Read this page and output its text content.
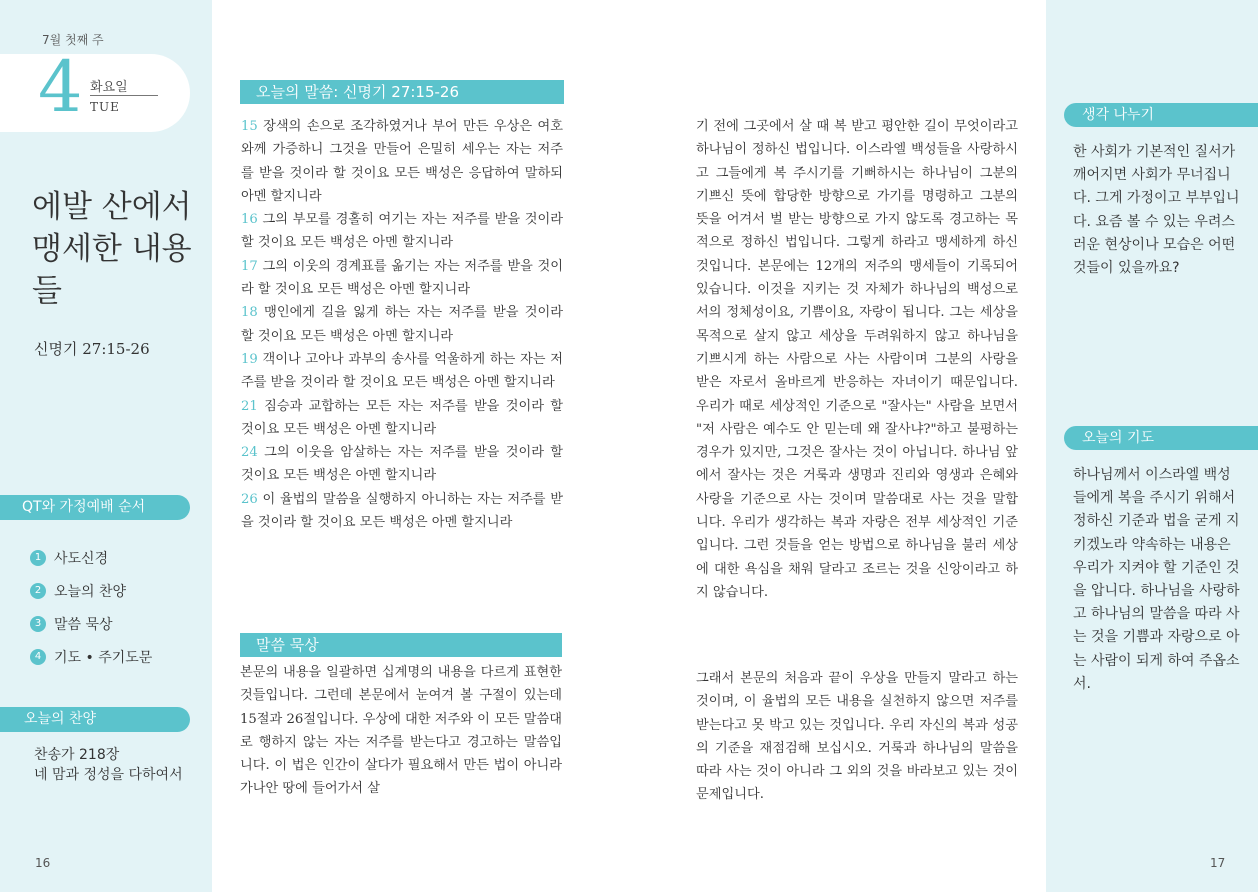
7월 첫째 주
4 화요일
TUE
에발 산에서 맹세한 내용들
신명기 27:15-26
QT와 가정예배 순서
1 사도신경
2 오늘의 찬양
3 말씀 묵상
4 기도 • 주기도문
오늘의 찬양
찬송가 218장
네 맘과 정성을 다하여서
16
오늘의 말씀: 신명기 27:15-26

15 장색의 손으로 조각하였거나 부어 만든 우상은 여호와께 가증하니 그것을 만들어 은밀히 세우는 자는 저주를 받을 것이라 할 것이요 모든 백성은 응답하여 말하되 아멘 할지니라

16 그의 부모를 경홀히 여기는 자는 저주를 받을 것이라 할 것이요 모든 백성은 아멘 할지니라

17 그의 이웃의 경계표를 옮기는 자는 저주를 받을 것이라 할 것이요 모든 백성은 아멘 할지니라

18 맹인에게 길을 잃게 하는 자는 저주를 받을 것이라 할 것이요 모든 백성은 아멘 할지니라

19 객이나 고아나 과부의 송사를 억울하게 하는 자는 저주를 받을 것이라 할 것이요 모든 백성은 아멘 할지니라

21 짐승과 교합하는 모든 자는 저주를 받을 것이라 할 것이요 모든 백성은 아멘 할지니라

24 그의 이웃을 암살하는 자는 저주를 받을 것이라 할 것이요 모든 백성은 아멘 할지니라

26 이 율법의 말씀을 실행하지 아니하는 자는 저주를 받을 것이라 할 것이요 모든 백성은 아멘 할지니라

말씀 묵상

본문의 내용을 일괄하면 십계명의 내용을 다르게 표현한 것들입니다. 그런데 본문에서 눈여겨 볼 구절이 있는데 15절과 26절입니다. 우상에 대한 저주와 이 모든 말씀대로 행하지 않는 자는 저주를 받는다고 경고하는 말씀입니다. 이 법은 인간이 살다가 필요해서 만든 법이 아니라 가나안 땅에 들어가서 살

기 전에 그곳에서 살 때 복 받고 평안한 길이 무엇이라고 하나님이 정하신 법입니다. 이스라엘 백성들을 사랑하시고 그들에게 복 주시기를 기뻐하시는 하나님이 그분의 기쁘신 뜻에 합당한 방향으로 가기를 명령하고 그분의 뜻을 어겨서 벌 받는 방향으로 가지 않도록 경고하는 목적으로 정하신 법입니다. 그렇게 하라고 맹세하게 하신 것입니다. 본문에는 12개의 저주의 맹세들이 기록되어 있습니다. 이것을 지키는 것 자체가 하나님의 백성으로서의 정체성이요, 기쁨이요, 자랑이 됩니다. 그는 세상을 목적으로 살지 않고 세상을 두려워하지 않고 하나님을 기쁘시게 하는 사람으로 사는 사람이며 그분의 사랑을 받은 자로서 올바르게 반응하는 자녀이기 때문입니다. 우리가 때로 세상적인 기준으로 "잘사는" 사람을 보면서 "저 사람은 예수도 안 믿는데 왜 잘사냐?"하고 불평하는 경우가 있지만, 그것은 잘사는 것이 아닙니다. 하나님 앞에서 잘사는 것은 거룩과 생명과 진리와 영생과 은혜와 사랑을 기준으로 사는 것이며 말씀대로 사는 것을 말합니다. 우리가 생각하는 복과 자랑은 전부 세상적인 기준입니다. 그런 것들을 얻는 방법으로 하나님을 불러 세상에 대한 욕심을 채워 달라고 조르는 것을 신앙이라고 하지 않습니다.

그래서 본문의 처음과 끝이 우상을 만들지 말라고 하는 것이며, 이 율법의 모든 내용을 실천하지 않으면 저주를 받는다고 못 박고 있는 것입니다. 우리 자신의 복과 성공의 기준을 재점검해 보십시오. 거룩과 하나님의 말씀을 따라 사는 것이 아니라 그 외의 것을 바라보고 있는 것이 문제입니다.

생각 나누기

한 사회가 기본적인 질서가 깨어지면 사회가 무너집니다. 그게 가정이고 부부입니다. 요즘 볼 수 있는 우려스러운 현상이나 모습은 어떤 것들이 있을까요?

오늘의 기도

하나님께서 이스라엘 백성들에게 복을 주시기 위해서 정하신 기준과 법을 굳게 지키겠노라 약속하는 내용은 우리가 지켜야 할 기준인 것을 압니다. 하나님을 사랑하고 하나님의 말씀을 따라 사는 것을 기쁨과 자랑으로 아는 사람이 되게 하여 주옵소서.

17
